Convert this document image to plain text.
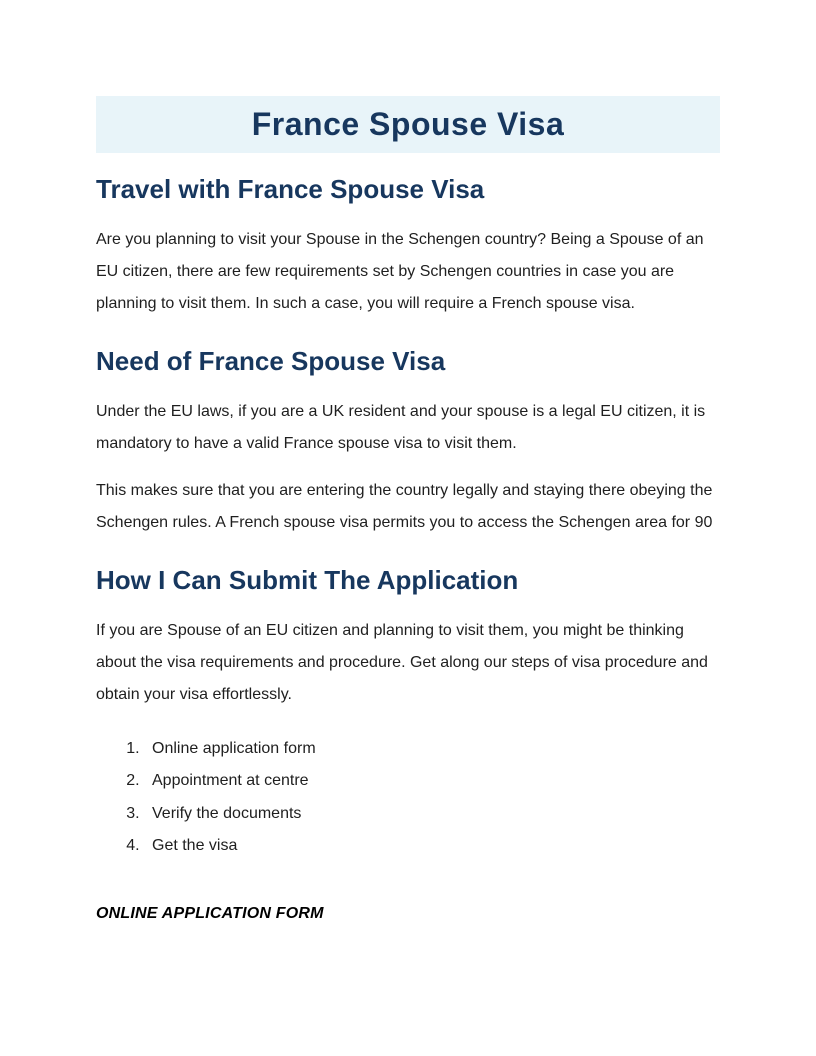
France Spouse Visa
Travel with France Spouse Visa

Are you planning to visit your Spouse in the Schengen country? Being a Spouse of an EU citizen, there are few requirements set by Schengen countries in case you are planning to visit them. In such a case, you will require a French spouse visa.

Need of France Spouse Visa

Under the EU laws, if you are a UK resident and your spouse is a legal EU citizen, it is mandatory to have a valid France spouse visa to visit them.

This makes sure that you are entering the country legally and staying there obeying the Schengen rules. A French spouse visa permits you to access the Schengen area for 90

How I Can Submit The Application

If you are Spouse of an EU citizen and planning to visit them, you might be thinking about the visa requirements and procedure. Get along our steps of visa procedure and obtain your visa effortlessly.

1. Online application form
2. Appointment at centre
3. Verify the documents
4. Get the visa
ONLINE APPLICATION FORM
